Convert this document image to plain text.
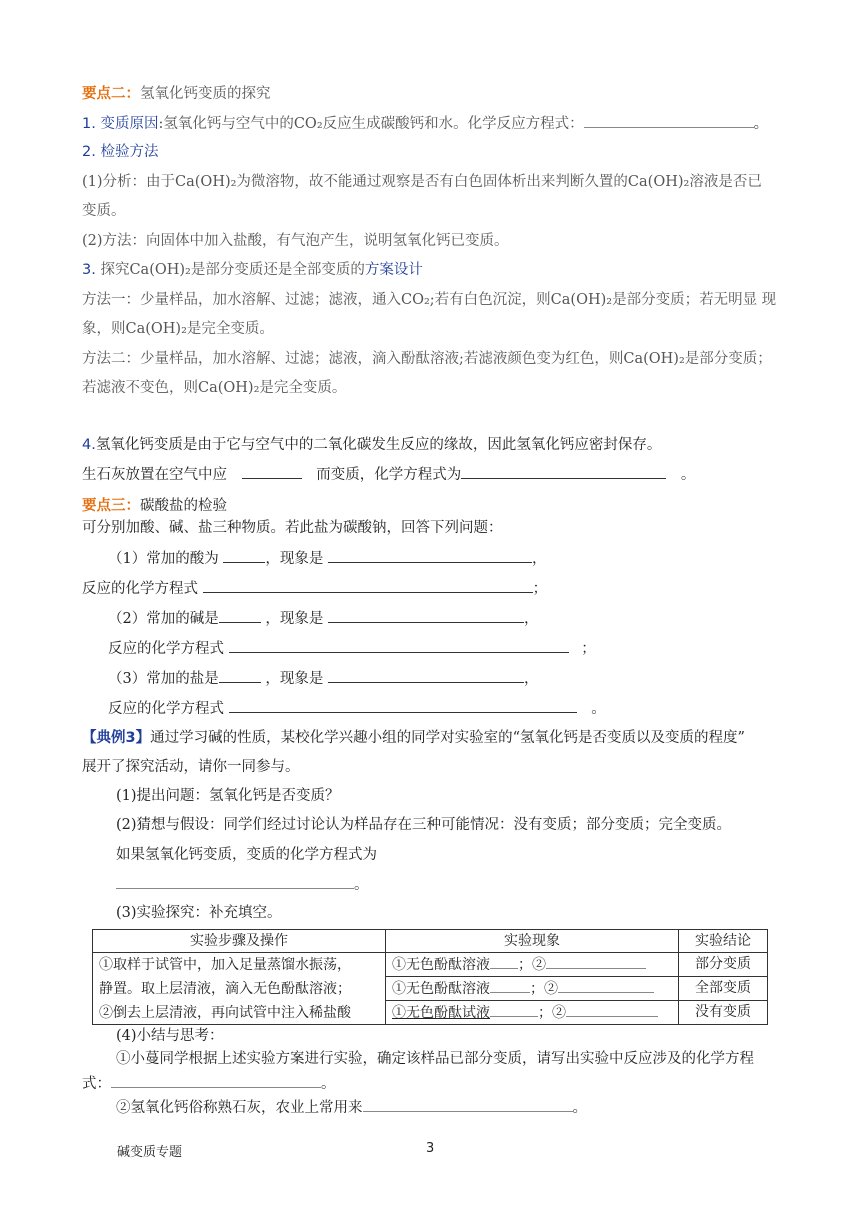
要点二：氢氧化钙变质的探究
1. 变质原因:氢氧化钙与空气中的CO₂反应生成碳酸钙和水。化学反应方程式：	。
2. 检验方法
(1)分析：由于Ca(OH)₂为微溶物，故不能通过观察是否有白色固体析出来判断久置的Ca(OH)₂溶液是否已
变质。
(2)方法：向固体中加入盐酸，有气泡产生，说明氢氧化钙已变质。
3. 探究Ca(OH)₂是部分变质还是全部变质的方案设计
方法一：少量样品，加水溶解、过滤；滤液，通入CO₂;若有白色沉淀，则Ca(OH)₂是部分变质；若无明显 现
象，则Ca(OH)₂是完全变质。
方法二：少量样品，加水溶解、过滤；滤液，滴入酚酞溶液;若滤液颜色变为红色，则Ca(OH)₂是部分变质；
若滤液不变色，则Ca(OH)₂是完全变质。
4.氢氧化钙变质是由于它与空气中的二氧化碳发生反应的缘故，因此氢氧化钙应密封保存。
生石灰放置在空气中应	而变质，化学方程式为	。
要点三：碳酸盐的检验
可分别加酸、碱、盐三种物质。若此盐为碳酸钠，回答下列问题：
（1）常加的酸为	，现象是	，
反应的化学方程式	；
（2）常加的碱是	，现象是	，
反应的化学方程式	；
（3）常加的盐是	，现象是	，
反应的化学方程式	。
【典例3】通过学习碱的性质，某校化学兴趣小组的同学对实验室的“氢氧化钙是否变质以及变质的程度”
展开了探究活动，请你一同参与。
(1)提出问题：氢氧化钙是否变质？
(2)猜想与假设：同学们经过讨论认为样品存在三种可能情况：没有变质；部分变质；完全变质。
如果氢氧化钙变质，变质的化学方程式为
。
(3)实验探究：补充填空。
实验步骤及操作	实验现象	实验结论

①取样于试管中，加入足量蒸馏水振荡，
静置。取上层清液，滴入无色酚酞溶液；
②倒去上层清液，再向试管中注入稀盐酸	①无色酚酞溶液 ；②	部分变质
	①无色酚酞溶液 ；②	全部变质
	①无色酚酞试液 ；②	没有变质
(4)小结与思考：
①小蔓同学根据上述实验方案进行实验，确定该样品已部分变质，请写出实验中反应涉及的化学方程
式：	。
②氢氧化钙俗称熟石灰，农业上常用来	。
碱变质专题	3
